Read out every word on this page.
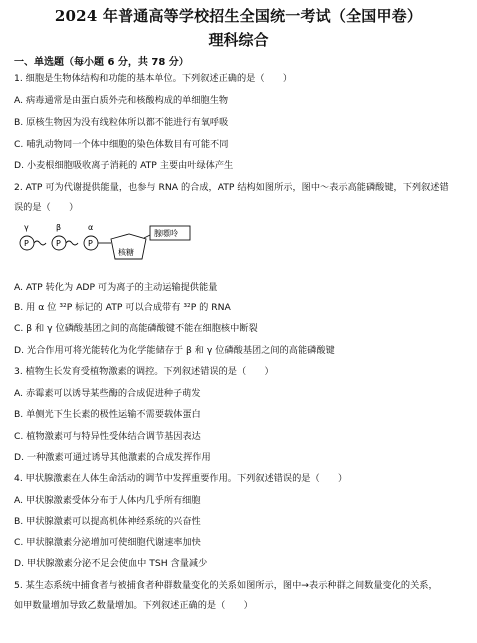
2024 年普通高等学校招生全国统一考试（全国甲卷）
理科综合
一、单选题（每小题 6 分，共 78 分）
1. 细胞是生物体结构和功能的基本单位。下列叙述正确的是（　　）
A. 病毒通常是由蛋白质外壳和核酸构成的单细胞生物
B. 原核生物因为没有线粒体所以都不能进行有氧呼吸
C. 哺乳动物同一个体中细胞的染色体数目有可能不同
D. 小麦根细胞吸收离子消耗的 ATP 主要由叶绿体产生
2. ATP 可为代谢提供能量，也参与 RNA 的合成，ATP 结构如图所示，图中～表示高能磷酸键，下列叙述错
误的是（　　）
A. ATP 转化为 ADP 可为离子的主动运输提供能量
B. 用 α 位 ³²P 标记的 ATP 可以合成带有 ³²P 的 RNA
C. β 和 γ 位磷酸基团之间的高能磷酸键不能在细胞核中断裂
D. 光合作用可将光能转化为化学能储存于 β 和 γ 位磷酸基团之间的高能磷酸键
3. 植物生长发育受植物激素的调控。下列叙述错误的是（　　）
A. 赤霉素可以诱导某些酶的合成促进种子萌发
B. 单侧光下生长素的极性运输不需要载体蛋白
C. 植物激素可与特异性受体结合调节基因表达
D. 一种激素可通过诱导其他激素的合成发挥作用
4. 甲状腺激素在人体生命活动的调节中发挥重要作用。下列叙述错误的是（　　）
A. 甲状腺激素受体分布于人体内几乎所有细胞
B. 甲状腺激素可以提高机体神经系统的兴奋性
C. 甲状腺激素分泌增加可使细胞代谢速率加快
D. 甲状腺激素分泌不足会使血中 TSH 含量减少
5. 某生态系统中捕食者与被捕食者种群数量变化的关系如图所示，图中→表示种群之间数量变化的关系，
如甲数量增加导致乙数量增加。下列叙述正确的是（　　）
γ	β	α
P	P	P
核糖
腺嘌呤
